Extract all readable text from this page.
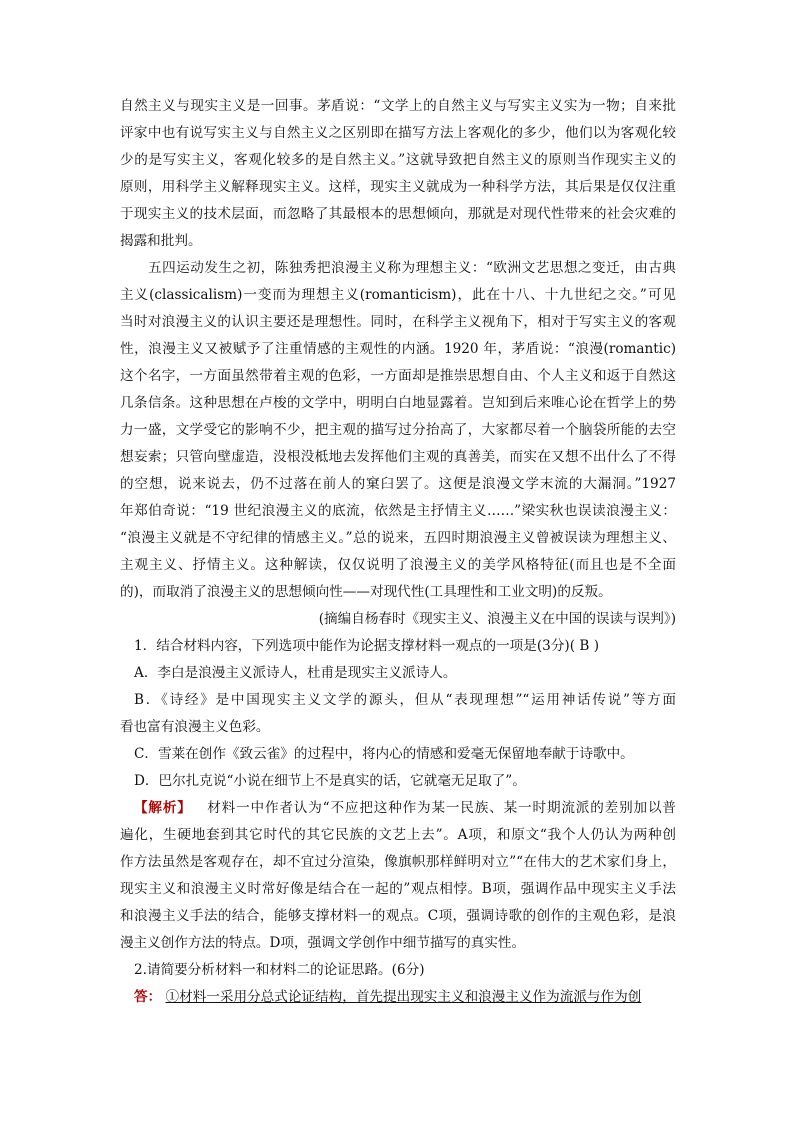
自然主义与现实主义是一回事。茅盾说：“文学上的自然主义与写实主义实为一物；自来批
评家中也有说写实主义与自然主义之区别即在描写方法上客观化的多少，他们以为客观化较
少的是写实主义，客观化较多的是自然主义。”这就导致把自然主义的原则当作现实主义的
原则，用科学主义解释现实主义。这样，现实主义就成为一种科学方法，其后果是仅仅注重
于现实主义的技术层面，而忽略了其最根本的思想倾向，那就是对现代性带来的社会灾难的
揭露和批判。
五四运动发生之初，陈独秀把浪漫主义称为理想主义：“欧洲文艺思想之变迁，由古典
主义(classicalism)一变而为理想主义(romanticism)，此在十八、十九世纪之交。”可见
当时对浪漫主义的认识主要还是理想性。同时，在科学主义视角下，相对于写实主义的客观
性，浪漫主义又被赋予了注重情感的主观性的内涵。1920 年，茅盾说：“浪漫(romantic)
这个名字，一方面虽然带着主观的色彩，一方面却是推崇思想自由、个人主义和返于自然这
几条信条。这种思想在卢梭的文学中，明明白白地显露着。岂知到后来唯心论在哲学上的势
力一盛，文学受它的影响不少，把主观的描写过分抬高了，大家都尽着一个脑袋所能的去空
想妄索；只管向壁虚造，没根没柢地去发挥他们主观的真善美，而实在又想不出什么了不得
的空想，说来说去，仍不过落在前人的窠臼罢了。这便是浪漫文学末流的大漏洞。”1927
年郑伯奇说：“19 世纪浪漫主义的底流，依然是主抒情主义……”梁实秋也误读浪漫主义：
“浪漫主义就是不守纪律的情感主义。”总的说来，五四时期浪漫主义曾被误读为理想主义、
主观主义、抒情主义。这种解读，仅仅说明了浪漫主义的美学风格特征(而且也是不全面
的)，而取消了浪漫主义的思想倾向性——对现代性(工具理性和工业文明)的反叛。
(摘编自杨春时《现实主义、浪漫主义在中国的误读与误判》)
1．结合材料内容，下列选项中能作为论据支撑材料一观点的一项是(3分)( B )
A．李白是浪漫主义派诗人，杜甫是现实主义派诗人。
B．《诗经》是中国现实主义文学的源头，但从“表现理想”“运用神话传说”等方面
看也富有浪漫主义色彩。
C．雪莱在创作《致云雀》的过程中，将内心的情感和爱毫无保留地奉献于诗歌中。
D．巴尔扎克说“小说在细节上不是真实的话，它就毫无足取了”。
【解析】 材料一中作者认为“不应把这种作为某一民族、某一时期流派的差别加以普
遍化，生硬地套到其它时代的其它民族的文艺上去”。A项，和原文“我个人仍认为两种创
作方法虽然是客观存在，却不宜过分渲染，像旗帜那样鲜明对立”“在伟大的艺术家们身上，
现实主义和浪漫主义时常好像是结合在一起的”观点相悖。B项，强调作品中现实主义手法
和浪漫主义手法的结合，能够支撑材料一的观点。C项，强调诗歌的创作的主观色彩，是浪
漫主义创作方法的特点。D项，强调文学创作中细节描写的真实性。
2.请简要分析材料一和材料二的论证思路。(6分)
答： ①材料一采用分总式论证结构，首先提出现实主义和浪漫主义作为流派与作为创
